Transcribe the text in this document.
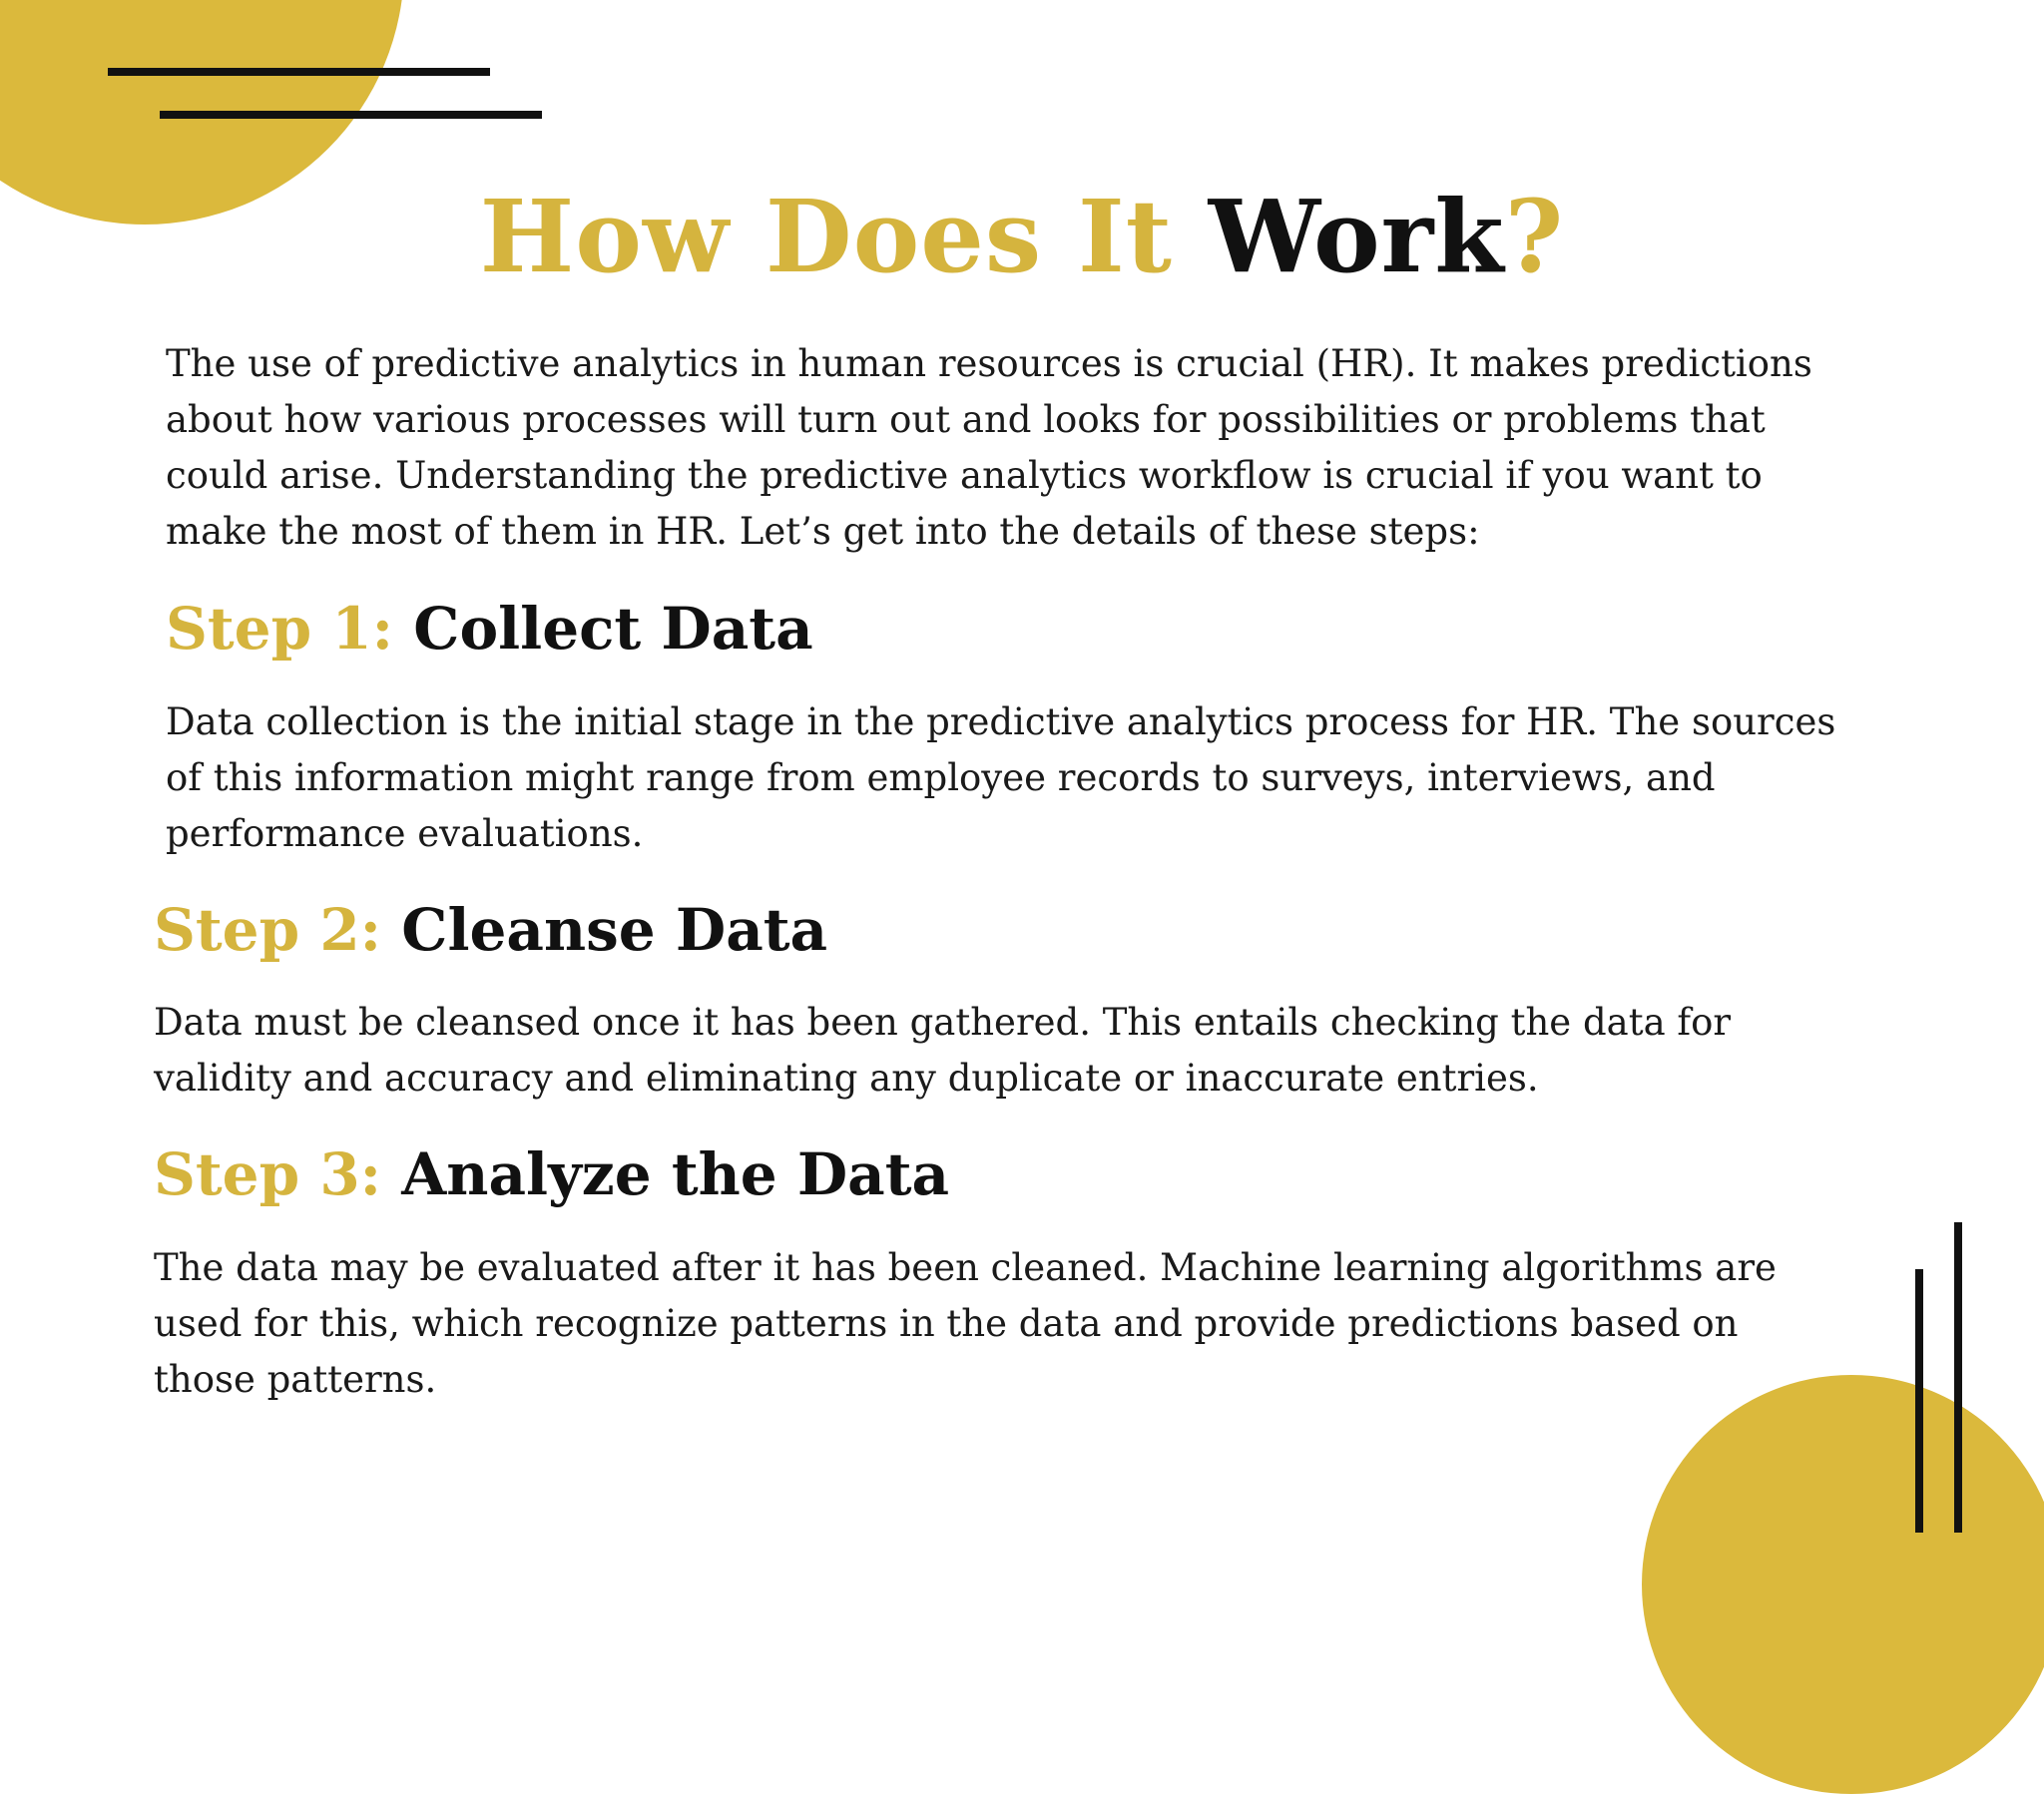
How Does It Work?

The use of predictive analytics in human resources is crucial (HR). It makes predictions
about how various processes will turn out and looks for possibilities or problems that
could arise. Understanding the predictive analytics workflow is crucial if you want to
make the most of them in HR. Let’s get into the details of these steps:

Step 1: Collect Data

Data collection is the initial stage in the predictive analytics process for HR. The sources
of this information might range from employee records to surveys, interviews, and
performance evaluations.

Step 2: Cleanse Data

Data must be cleansed once it has been gathered. This entails checking the data for
validity and accuracy and eliminating any duplicate or inaccurate entries.

Step 3: Analyze the Data

The data may be evaluated after it has been cleaned. Machine learning algorithms are
used for this, which recognize patterns in the data and provide predictions based on
those patterns.
